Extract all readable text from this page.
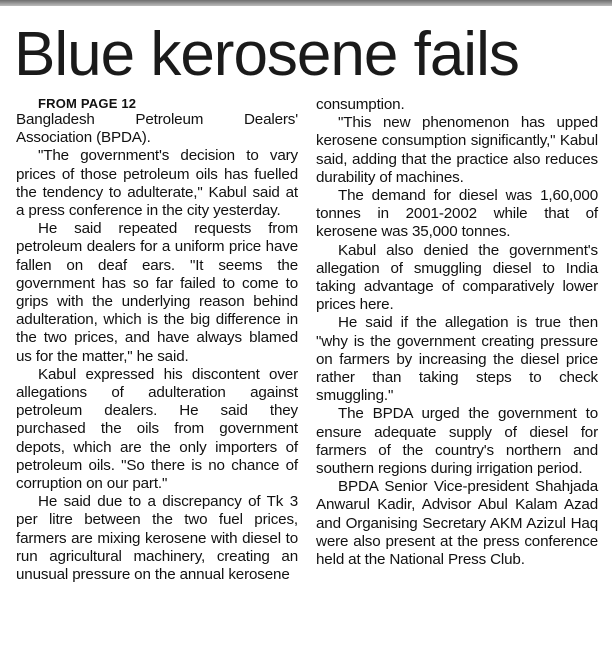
Blue kerosene fails

FROM PAGE 12

Bangladesh Petroleum Dealers' Association (BPDA).

"The government's decision to vary prices of those petroleum oils has fuelled the tendency to adulterate," Kabul said at a press conference in the city yesterday.

He said repeated requests from petroleum dealers for a uniform price have fallen on deaf ears. "It seems the government has so far failed to come to grips with the underlying reason behind adulteration, which is the big difference in the two prices, and have always blamed us for the matter," he said.

Kabul expressed his discontent over allegations of adulteration against petroleum dealers. He said they purchased the oils from government depots, which are the only importers of petroleum oils. "So there is no chance of corruption on our part."

He said due to a discrepancy of Tk 3 per litre between the two fuel prices, farmers are mixing kerosene with diesel to run agricultural machinery, creating an unusual pressure on the annual kerosene

consumption.

"This new phenomenon has upped kerosene consumption significantly," Kabul said, adding that the practice also reduces durability of machines.

The demand for diesel was 1,60,000 tonnes in 2001-2002 while that of kerosene was 35,000 tonnes.

Kabul also denied the government's allegation of smuggling diesel to India taking advantage of comparatively lower prices here.

He said if the allegation is true then "why is the government creating pressure on farmers by increasing the diesel price rather than taking steps to check smuggling."

The BPDA urged the government to ensure adequate supply of diesel for farmers of the country's northern and southern regions during irrigation period.

BPDA Senior Vice-president Shahjada Anwarul Kadir, Advisor Abul Kalam Azad and Organising Secretary AKM Azizul Haq were also present at the press conference held at the National Press Club.
